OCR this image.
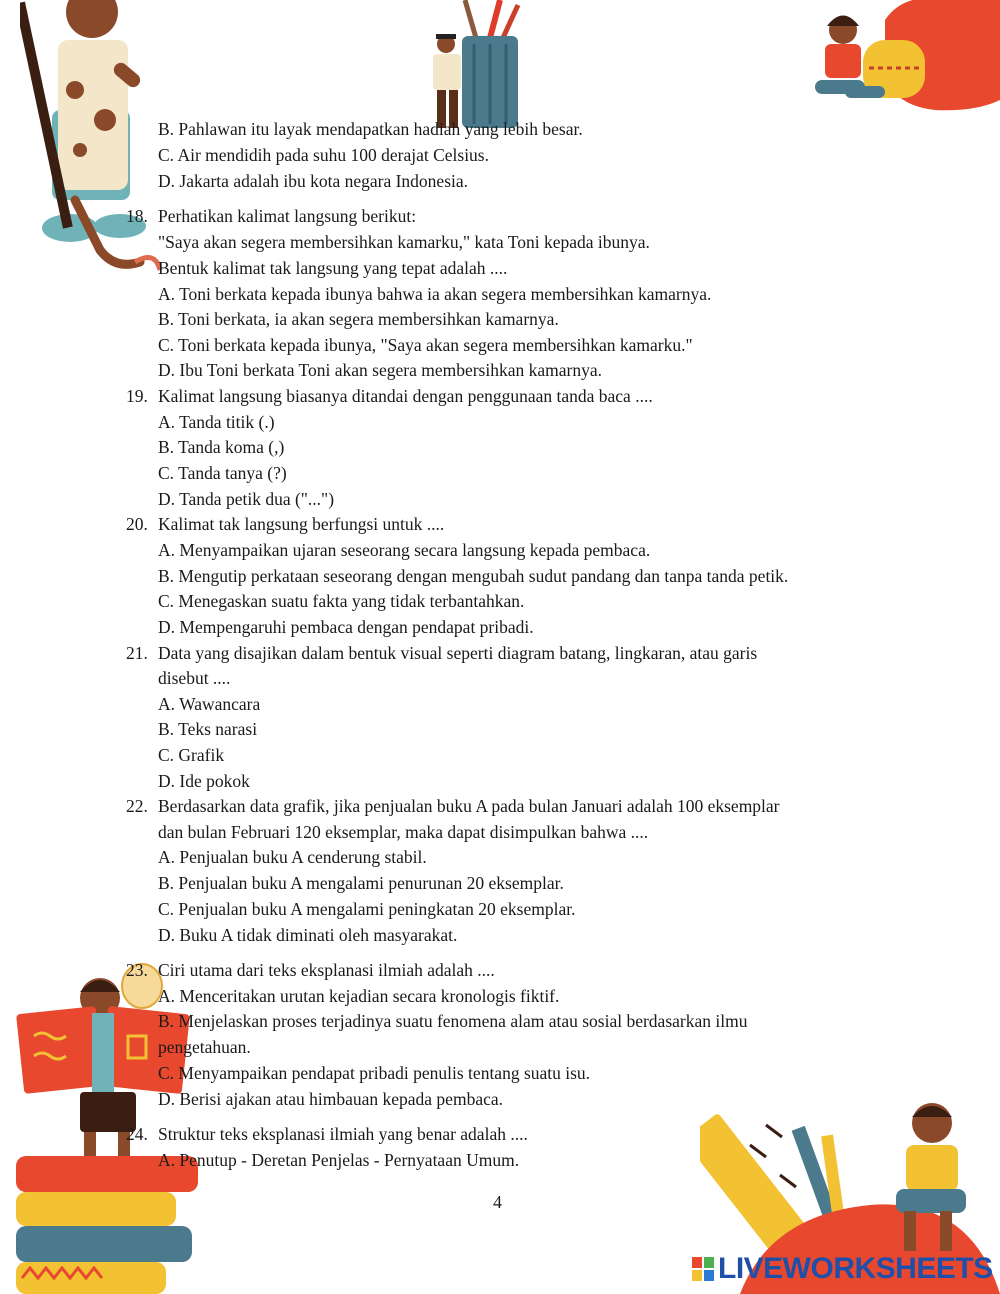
B. Pahlawan itu layak mendapatkan hadiah yang lebih besar.
C. Air mendidih pada suhu 100 derajat Celsius.
D. Jakarta adalah ibu kota negara Indonesia.
18. Perhatikan kalimat langsung berikut:
"Saya akan segera membersihkan kamarku," kata Toni kepada ibunya.
Bentuk kalimat tak langsung yang tepat adalah ....
A. Toni berkata kepada ibunya bahwa ia akan segera membersihkan kamarnya.
B. Toni berkata, ia akan segera membersihkan kamarnya.
C. Toni berkata kepada ibunya, "Saya akan segera membersihkan kamarku."
D. Ibu Toni berkata Toni akan segera membersihkan kamarnya.
19. Kalimat langsung biasanya ditandai dengan penggunaan tanda baca ....
A. Tanda titik (.)
B. Tanda koma (,)
C. Tanda tanya (?)
D. Tanda petik dua ("...")
20. Kalimat tak langsung berfungsi untuk ....
A. Menyampaikan ujaran seseorang secara langsung kepada pembaca.
B. Mengutip perkataan seseorang dengan mengubah sudut pandang dan tanpa tanda petik.
C. Menegaskan suatu fakta yang tidak terbantahkan.
D. Mempengaruhi pembaca dengan pendapat pribadi.
21. Data yang disajikan dalam bentuk visual seperti diagram batang, lingkaran, atau garis
disebut ....
A. Wawancara
B. Teks narasi
C. Grafik
D. Ide pokok
22. Berdasarkan data grafik, jika penjualan buku A pada bulan Januari adalah 100 eksemplar
dan bulan Februari 120 eksemplar, maka dapat disimpulkan bahwa ....
A. Penjualan buku A cenderung stabil.
B. Penjualan buku A mengalami penurunan 20 eksemplar.
C. Penjualan buku A mengalami peningkatan 20 eksemplar.
D. Buku A tidak diminati oleh masyarakat.
23. Ciri utama dari teks eksplanasi ilmiah adalah ....
A. Menceritakan urutan kejadian secara kronologis fiktif.
B. Menjelaskan proses terjadinya suatu fenomena alam atau sosial berdasarkan ilmu
pengetahuan.
C. Menyampaikan pendapat pribadi penulis tentang suatu isu.
D. Berisi ajakan atau himbauan kepada pembaca.
24. Struktur teks eksplanasi ilmiah yang benar adalah ....
A. Penutup - Deretan Penjelas - Pernyataan Umum.
4
LIVEWORKSHEETS
